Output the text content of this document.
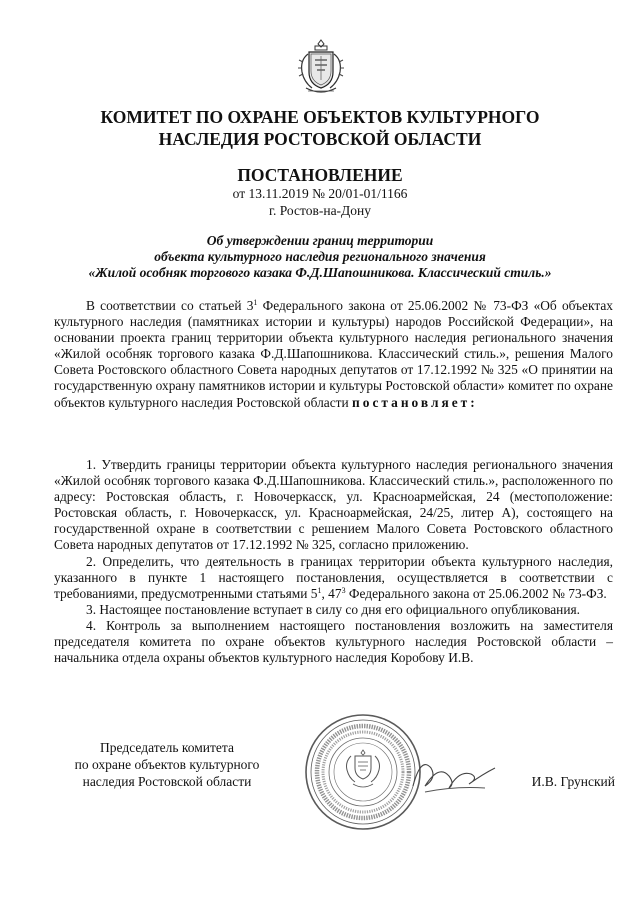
КОМИТЕТ ПО ОХРАНЕ ОБЪЕКТОВ КУЛЬТУРНОГО
НАСЛЕДИЯ РОСТОВСКОЙ ОБЛАСТИ
ПОСТАНОВЛЕНИЕ
от 13.11.2019 № 20/01-01/1166
г. Ростов-на-Дону
Об утверждении границ территории
объекта культурного наследия регионального значения
«Жилой особняк торгового казака Ф.Д.Шапошникова. Классический стиль.»

В соответствии со статьей $3^1$ Федерального закона от 25.06.2002 № 73-ФЗ «Об объектах культурного наследия (памятниках истории и культуры) народов Российской Федерации», на основании проекта границ территории объекта культурного наследия регионального значения «Жилой особняк торгового казака Ф.Д.Шапошникова. Классический стиль.», решения Малого Совета Ростовского областного Совета народных депутатов от 17.12.1992 № 325 «О принятии на государственную охрану памятников истории и культуры Ростовской области» комитет по охране объектов культурного наследия Ростовской области постановляет:

1. Утвердить границы территории объекта культурного наследия регионального значения «Жилой особняк торгового казака Ф.Д.Шапошникова. Классический стиль.», расположенного по адресу: Ростовская область, г. Новочеркасск, ул. Красноармейская, 24 (местоположение: Ростовская область, г. Новочеркасск, ул. Красноармейская, 24/25, литер А), состоящего на государственной охране в соответствии с решением Малого Совета Ростовского областного Совета народных депутатов от 17.12.1992 № 325, согласно приложению.

2. Определить, что деятельность в границах территории объекта культурного наследия, указанного в пункте 1 настоящего постановления, осуществляется в соответствии с требованиями, предусмотренными статьями $5^1$, $47^3$ Федерального закона от 25.06.2002 № 73-ФЗ.

3. Настоящее постановление вступает в силу со дня его официального опубликования.

4. Контроль за выполнением настоящего постановления возложить на заместителя председателя комитета по охране объектов культурного наследия Ростовской области – начальника отдела охраны объектов культурного наследия Коробову И.В.

Председатель комитета
по охране объектов культурного
наследия Ростовской области	И.В. Грунский
